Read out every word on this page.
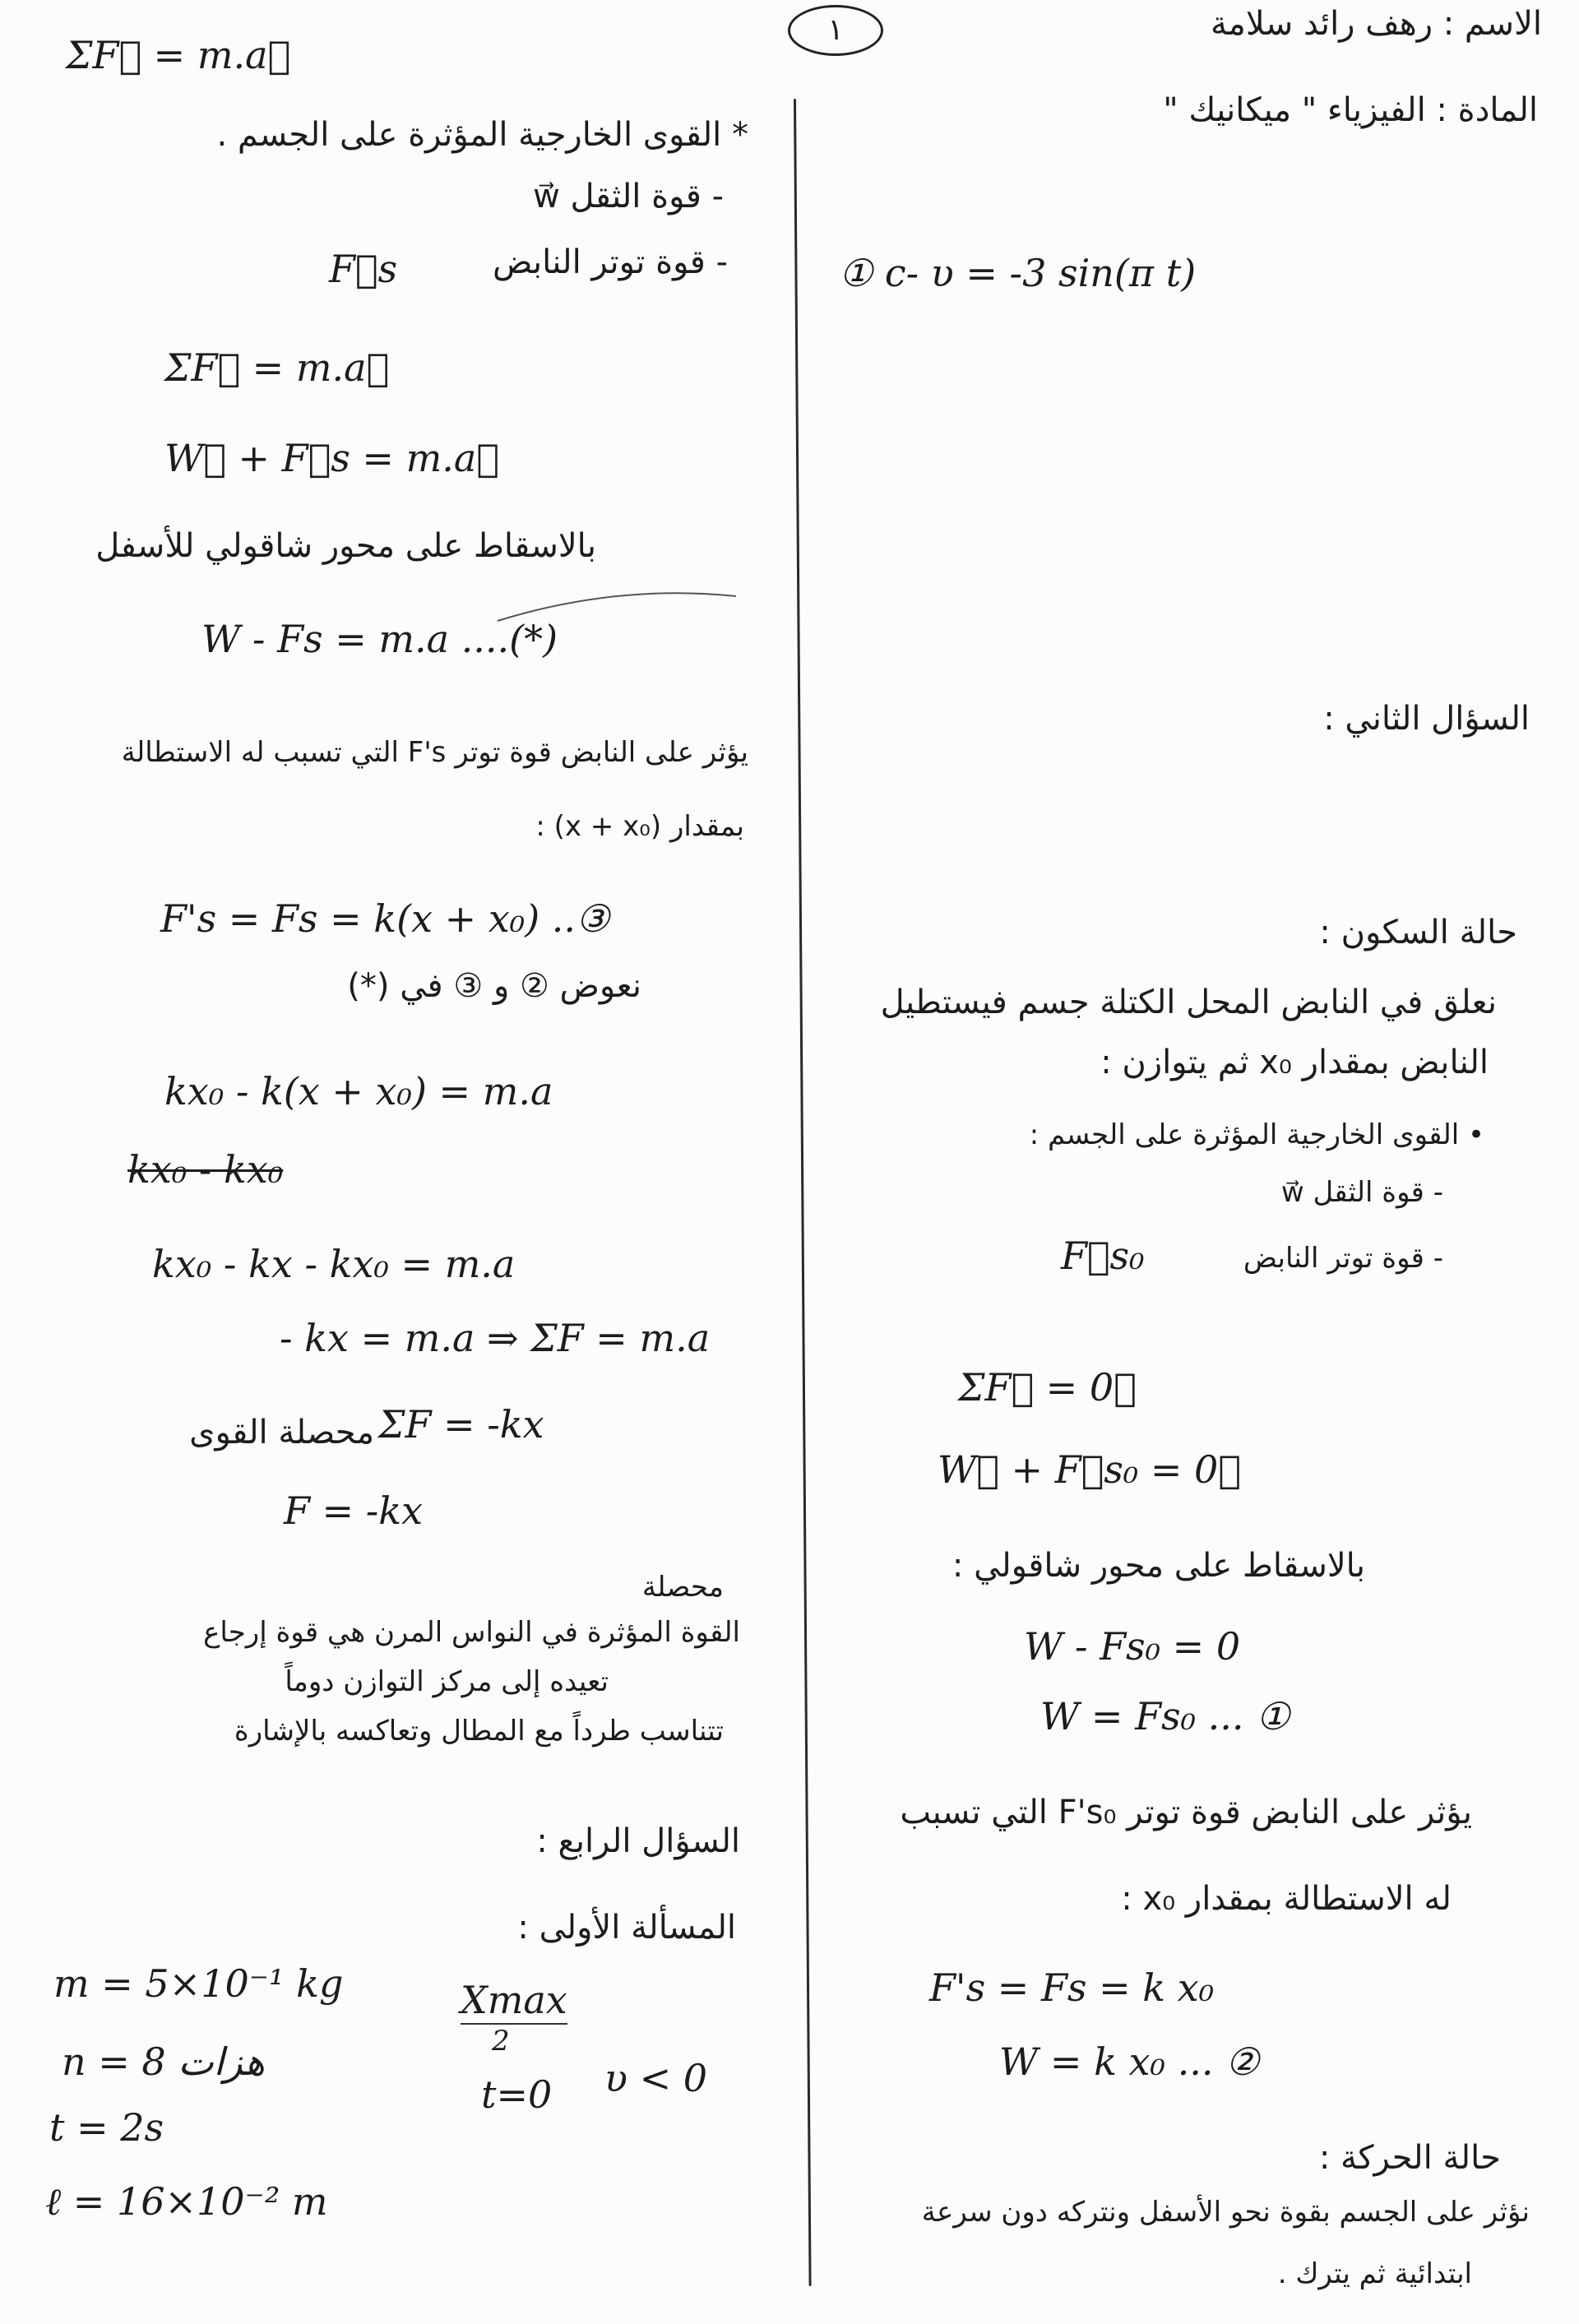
١	الاسم : رهف رائد سلامة
المادة : الفيزياء " ميكانيك "
① c- υ = -3 sin(π t)
السؤال الثاني :
حالة السكون :
نعلق في النابض المحل الكتلة جسم فيستطيل
النابض بمقدار x₀ ثم يتوازن :
• القوى الخارجية المؤثرة على الجسم :
- قوة الثقل w⃗
- قوة توتر النابض
F⃗s₀
ΣF⃗ = 0⃗
W⃗ + F⃗s₀ = 0⃗
بالاسقاط على محور شاقولي :
W - Fs₀ = 0
W = Fs₀ ... ①
يؤثر على النابض قوة توتر F's₀ التي تسبب
له الاستطالة بمقدار x₀ :
F's = Fs = k x₀
W = k x₀ ... ②
حالة الحركة :
نؤثر على الجسم بقوة نحو الأسفل ونتركه دون سرعة
ابتدائية ثم يترك .
ΣF⃗ = m.a⃗
* القوى الخارجية المؤثرة على الجسم .
- قوة الثقل w⃗
- قوة توتر النابض
F⃗s
ΣF⃗ = m.a⃗
W⃗ + F⃗s = m.a⃗
بالاسقاط على محور شاقولي للأسفل
W - Fs = m.a ....(*)
يؤثر على النابض قوة توتر F's التي تسبب له الاستطالة
بمقدار (x + x₀) :
F's = Fs = k(x + x₀) ..③
نعوض ② و ③ في (*)
kx₀ - k(x + x₀) = m.a
kx₀ - kx₀
kx₀ - kx - kx₀ = m.a
- kx = m.a ⇒ ΣF = m.a
محصلة القوى ΣF = -kx
F = -kx
محصلة
القوة المؤثرة في النواس المرن هي قوة إرجاع
تعيده إلى مركز التوازن دوماً
تتناسب طرداً مع المطال وتعاكسه بالإشارة
السؤال الرابع :
المسألة الأولى :
m = 5×10⁻¹ kg
n = 8 هزات
t = 2s
ℓ = 16×10⁻² m
Xmax
2
t=0 υ < 0
